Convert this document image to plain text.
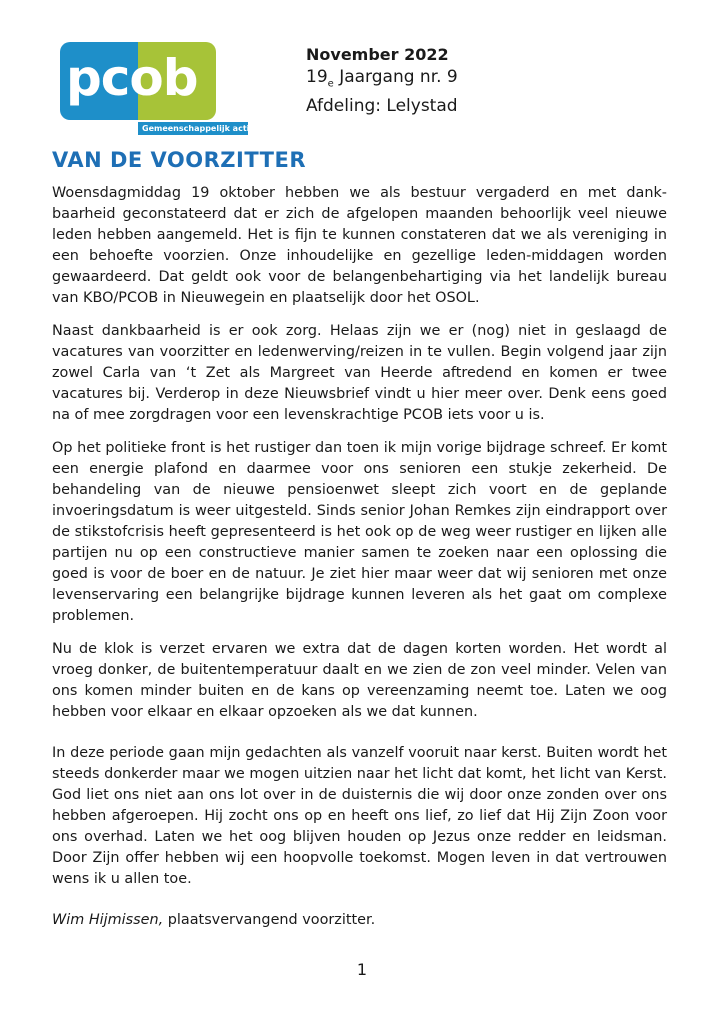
pcob
Gemeenschappelijk actief
November 2022
$19_e$ Jaargang nr. 9
Afdeling: Lelystad
VAN DE VOORZITTER

Woensdagmiddag 19 oktober hebben we als bestuur vergaderd en met dank-baarheid geconstateerd dat er zich de afgelopen maanden behoorlijk veel nieuwe leden hebben aangemeld. Het is fijn te kunnen constateren dat we als vereniging in een behoefte voorzien. Onze inhoudelijke en gezellige leden-middagen worden gewaardeerd. Dat geldt ook voor de belangenbehartiging via het landelijk bureau van KBO/PCOB in Nieuwegein en plaatselijk door het OSOL.

Naast dankbaarheid is er ook zorg. Helaas zijn we er (nog) niet in geslaagd de vacatures van voorzitter en ledenwerving/reizen in te vullen. Begin volgend jaar zijn zowel Carla van ‘t Zet als Margreet van Heerde aftredend en komen er twee vacatures bij. Verderop in deze Nieuwsbrief vindt u hier meer over. Denk eens goed na of mee zorgdragen voor een levenskrachtige PCOB iets voor u is.

Op het politieke front is het rustiger dan toen ik mijn vorige bijdrage schreef. Er komt een energie plafond en daarmee voor ons senioren een stukje zekerheid. De behandeling van de nieuwe pensioenwet sleept zich voort en de geplande invoeringsdatum is weer uitgesteld. Sinds senior Johan Remkes zijn eindrapport over de stikstofcrisis heeft gepresenteerd is het ook op de weg weer rustiger en lijken alle partijen nu op een constructieve manier samen te zoeken naar een oplossing die goed is voor de boer en de natuur. Je ziet hier maar weer dat wij senioren met onze levenservaring een belangrijke bijdrage kunnen leveren als het gaat om complexe problemen.

Nu de klok is verzet ervaren we extra dat de dagen korten worden. Het wordt al vroeg donker, de buitentemperatuur daalt en we zien de zon veel minder. Velen van ons komen minder buiten en de kans op vereenzaming neemt toe. Laten we oog hebben voor elkaar en elkaar opzoeken als we dat kunnen.

In deze periode gaan mijn gedachten als vanzelf vooruit naar kerst. Buiten wordt het steeds donkerder maar we mogen uitzien naar het licht dat komt, het licht van Kerst. God liet ons niet aan ons lot over in de duisternis die wij door onze zonden over ons hebben afgeroepen. Hij zocht ons op en heeft ons lief, zo lief dat Hij Zijn Zoon voor ons overhad. Laten we het oog blijven houden op Jezus onze redder en leidsman. Door Zijn offer hebben wij een hoopvolle toekomst. Mogen leven in dat vertrouwen wens ik u allen toe.

Wim Hijmissen, plaatsvervangend voorzitter.

1
